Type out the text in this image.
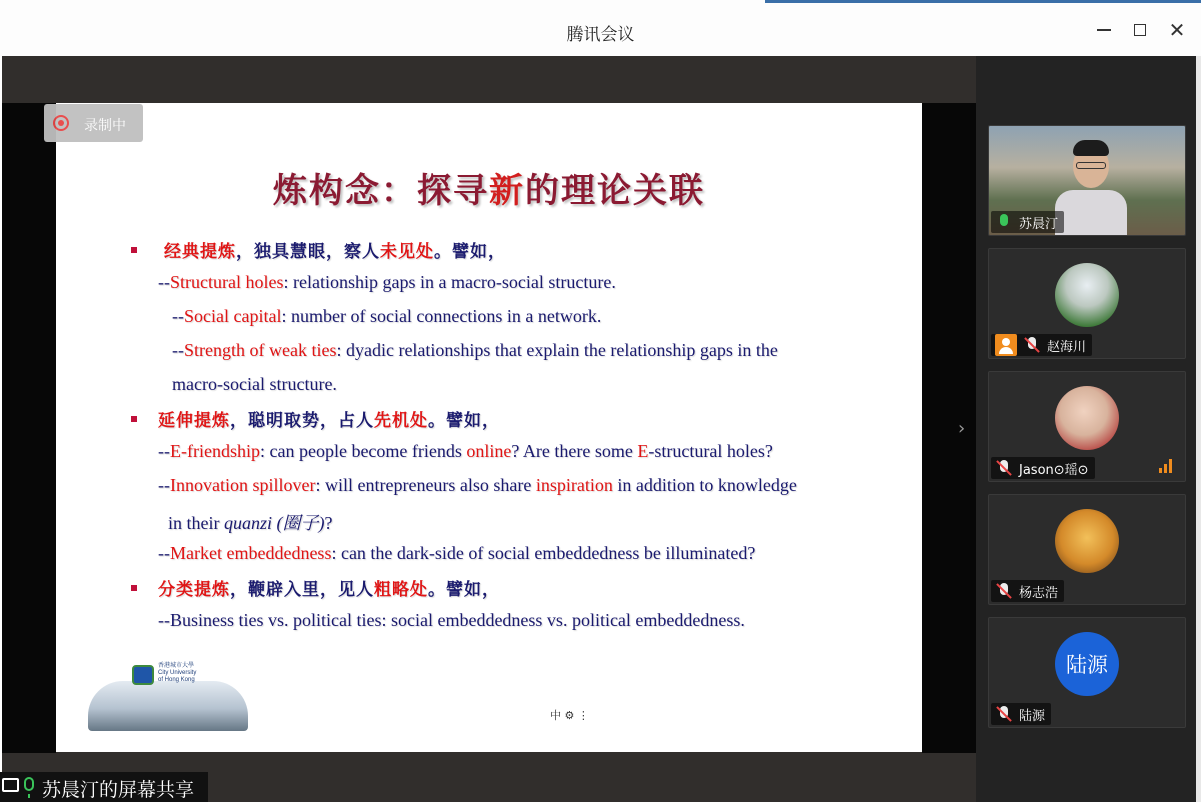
腾讯会议	✕
炼构念：探寻新的理论关联
经典提炼，独具慧眼，察人未见处。譬如，
--Structural holes: relationship gaps in a macro-social structure.
--Social capital: number of social connections in a network.
--Strength of weak ties: dyadic relationships that explain the relationship gaps in the
macro-social structure.
延伸提炼，聪明取势，占人先机处。譬如，
--E-friendship: can people become friends online? Are there some E-structural holes?
--Innovation spillover: will entrepreneurs also share inspiration in addition to knowledge
in their quanzi (圈子)?
--Market embeddedness: can the dark-side of social embeddedness be illuminated?
分类提炼，鞭辟入里，见人粗略处。譬如，
--Business ties vs. political ties: social embeddedness vs. political embeddedness.
香港城市大學
City University
of Hong Kong
中 ⚙ ⋮
录制中
苏晨汀的屏幕共享
›
苏晨汀
赵海川
Jason⊙瑶⊙
杨志浩
陆源
陆源
